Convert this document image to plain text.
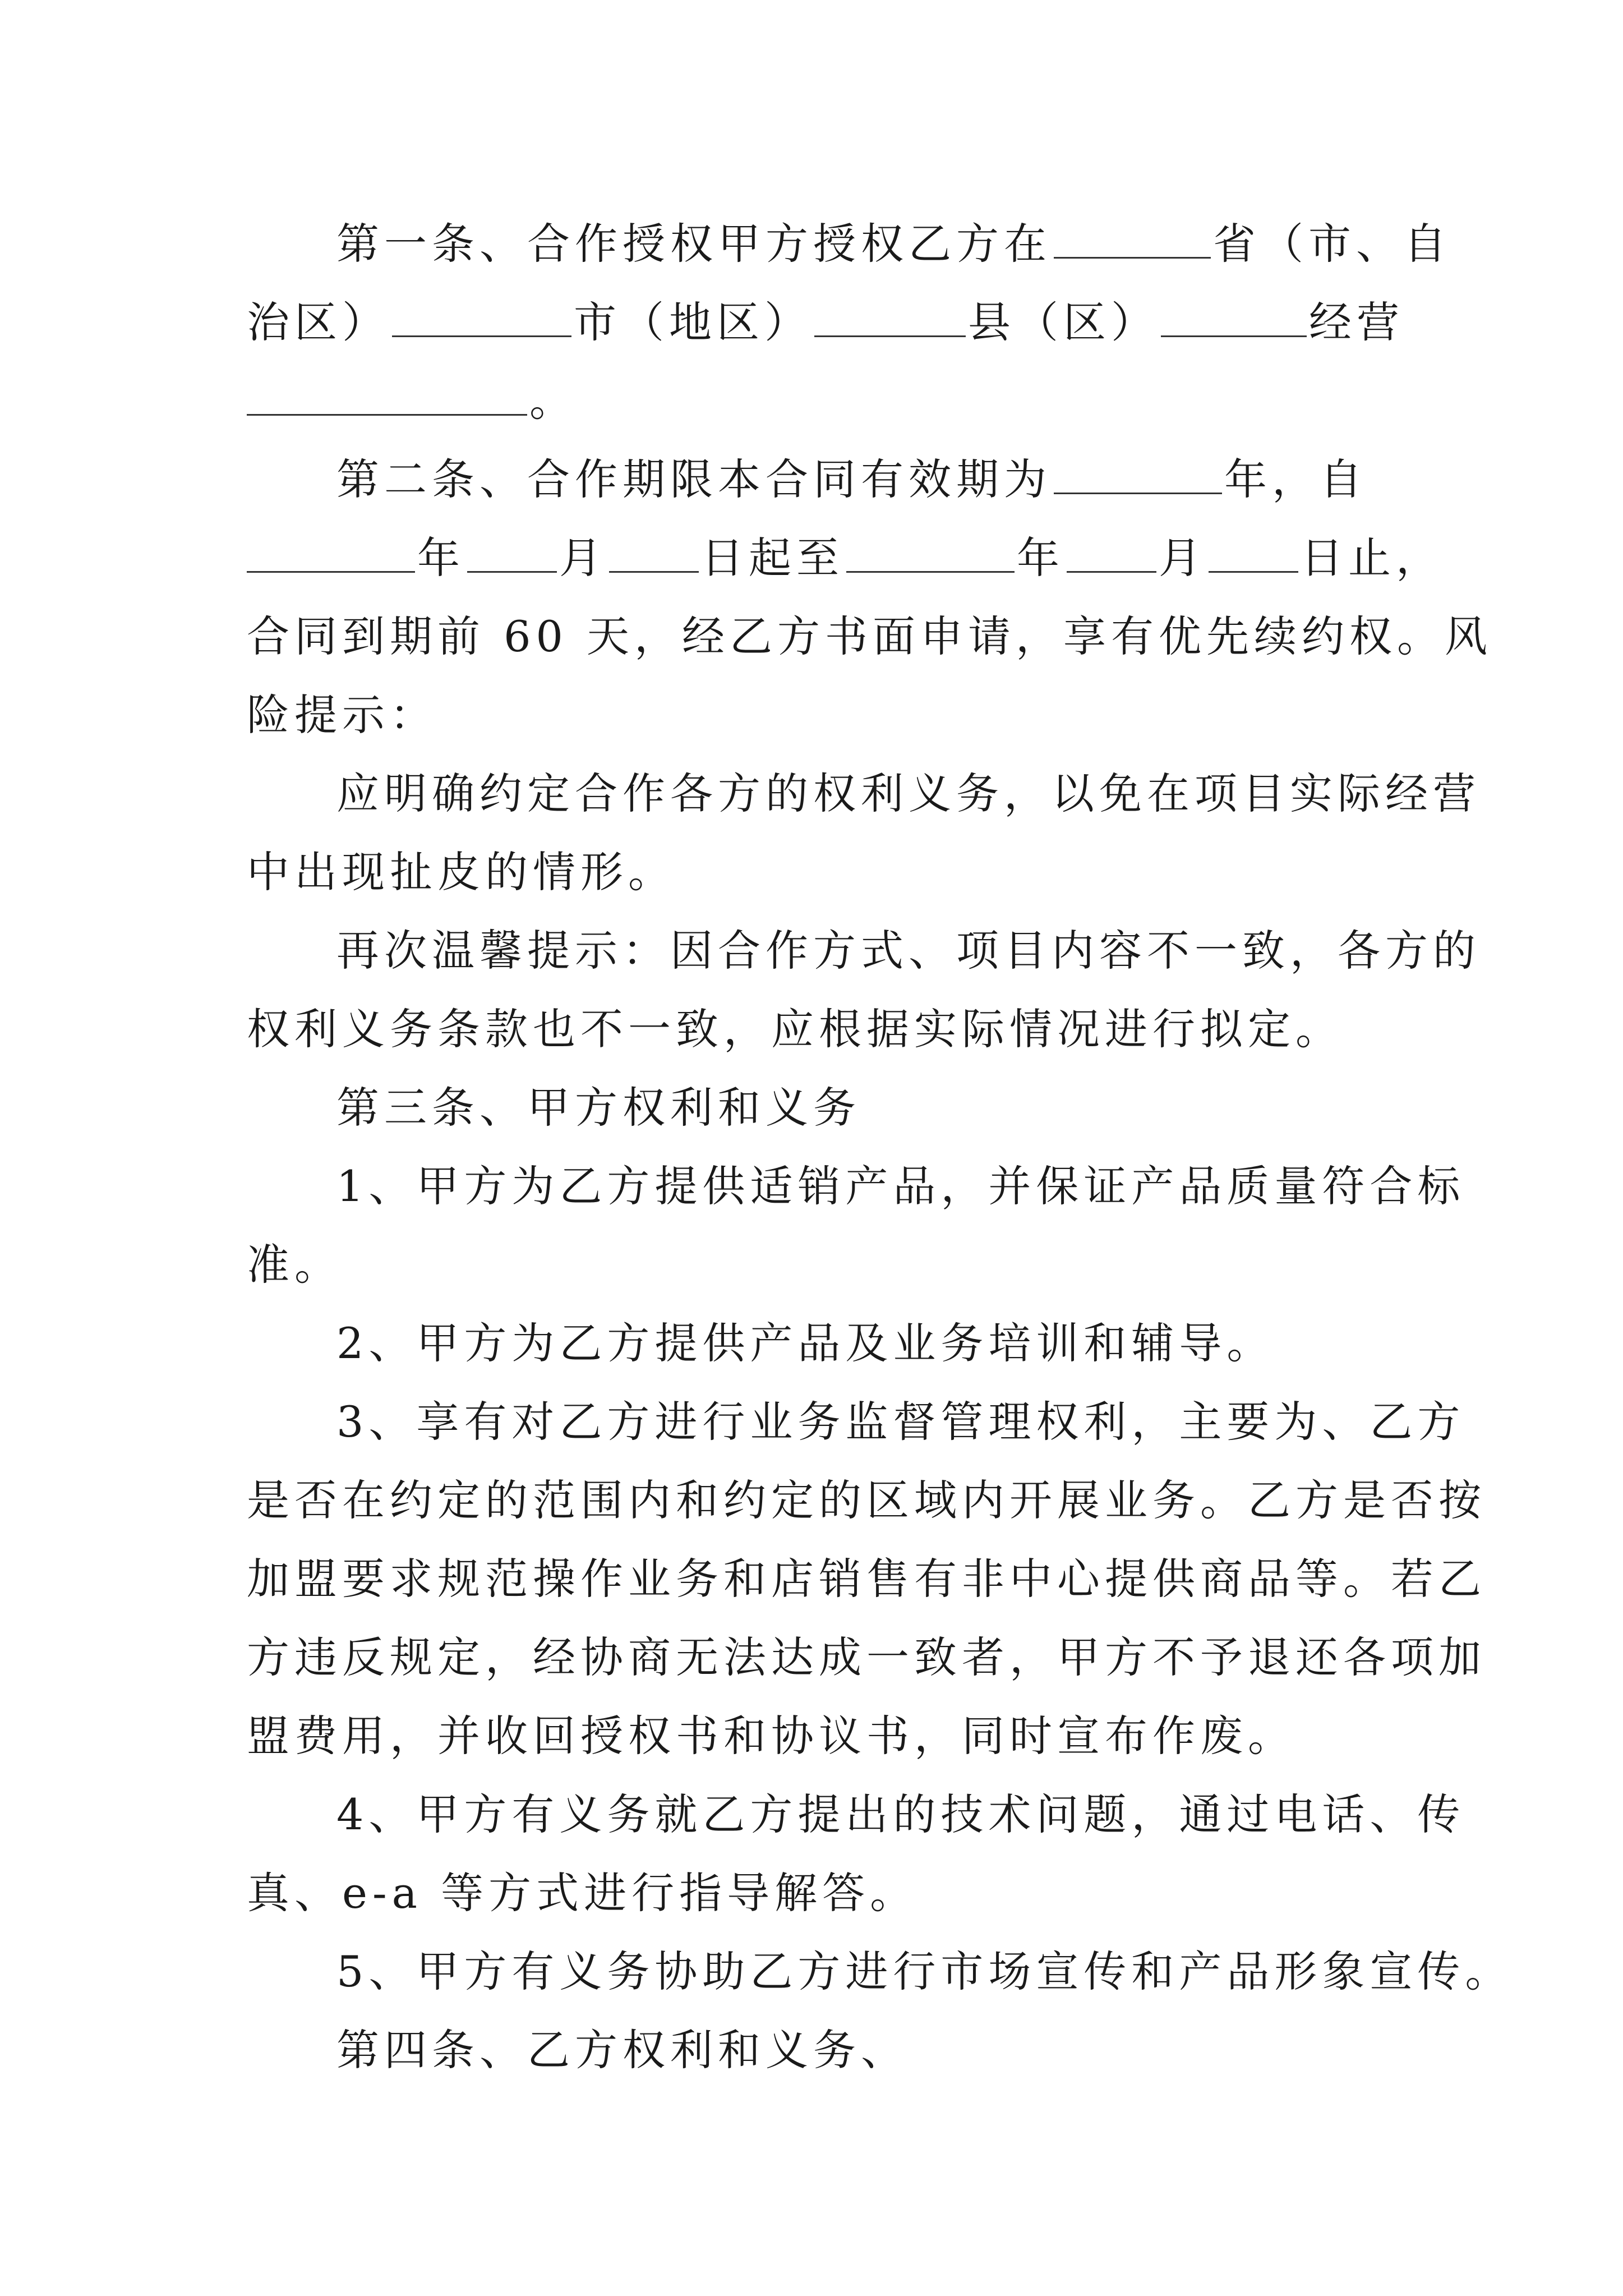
第一条、合作授权甲方授权乙方在	省（市、自
治区）	市（地区）	县（区）	经营
。
第二条、合作期限本合同有效期为	年，自
年 月 日起至	年 月 日止，
合同到期前 60 天，经乙方书面申请，享有优先续约权。风
险提示：
应明确约定合作各方的权利义务，以免在项目实际经营
中出现扯皮的情形。
再次温馨提示：因合作方式、项目内容不一致，各方的
权利义务条款也不一致，应根据实际情况进行拟定。
第三条、甲方权利和义务
1、甲方为乙方提供适销产品，并保证产品质量符合标
准。
2、甲方为乙方提供产品及业务培训和辅导。
3、享有对乙方进行业务监督管理权利，主要为、乙方
是否在约定的范围内和约定的区域内开展业务。乙方是否按
加盟要求规范操作业务和店销售有非中心提供商品等。若乙
方违反规定，经协商无法达成一致者，甲方不予退还各项加
盟费用，并收回授权书和协议书，同时宣布作废。
4、甲方有义务就乙方提出的技术问题，通过电话、传
真、e-a 等方式进行指导解答。
5、甲方有义务协助乙方进行市场宣传和产品形象宣传。
第四条、乙方权利和义务、
